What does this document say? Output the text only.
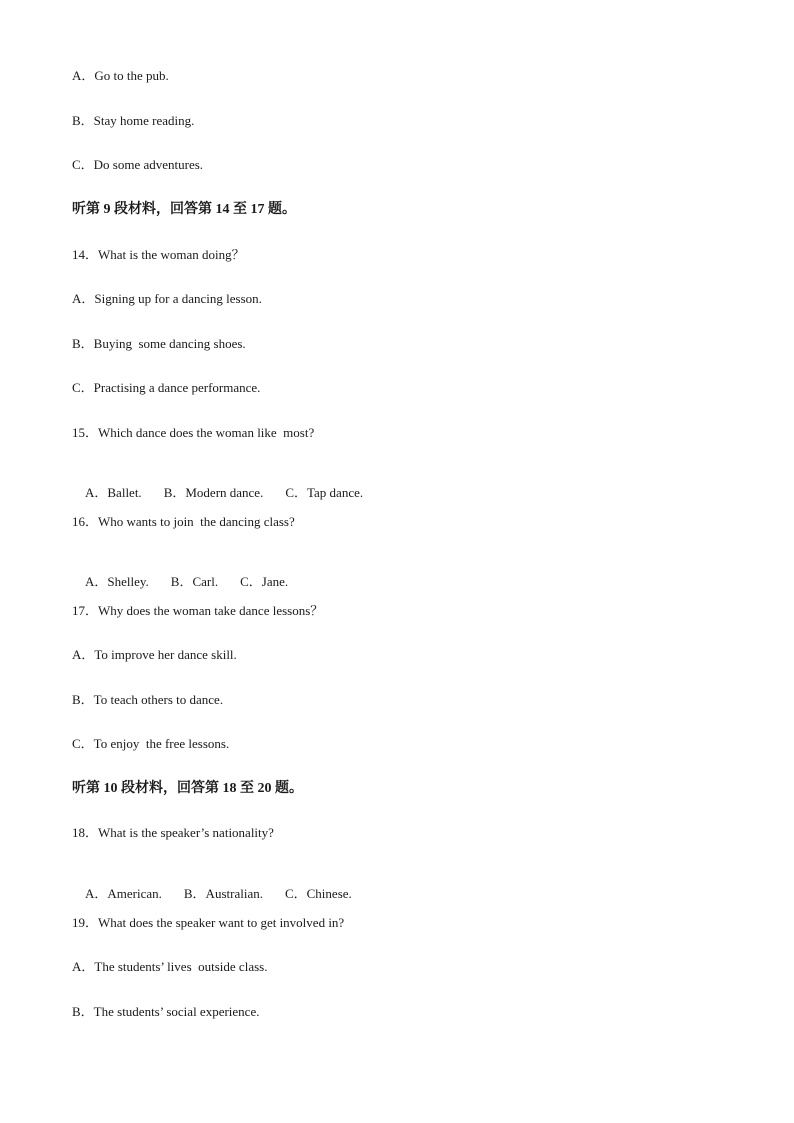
A．Go to the pub.
B．Stay home reading.
C．Do some adventures.
听第 9 段材料，回答第 14 至 17 题。
14．What is the woman doing？
A．Signing up for a dancing lesson.
B．Buying  some dancing shoes.
C．Practising a dance performance.
15．Which dance does the woman like  most?

A．Ballet. B．Modern dance. C．Tap dance.

16．Who wants to join  the dancing class?

A．Shelley. B．Carl. C．Jane.

17．Why does the woman take dance lessons？
A．To improve her dance skill.
B．To teach others to dance.
C．To enjoy  the free lessons.
听第 10 段材料，回答第 18 至 20 题。
18．What is the speaker’s nationality?

A．American. B．Australian. C．Chinese.

19．What does the speaker want to get involved in?
A．The students’ lives  outside class.
B．The students’ social experience.
